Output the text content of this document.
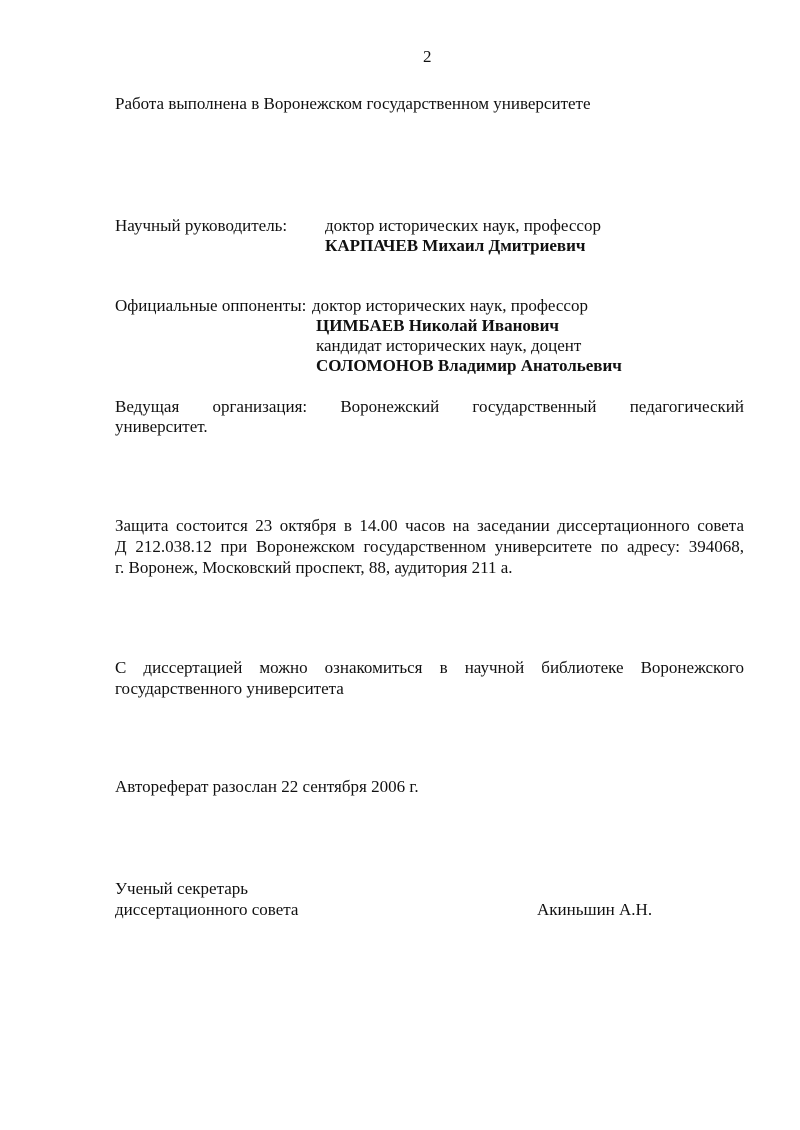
2
Работа выполнена в Воронежском государственном университете
Научный руководитель: доктор исторических наук, профессор
КАРПАЧЕВ Михаил Дмитриевич
Официальные оппоненты: доктор исторических наук, профессор
ЦИМБАЕВ Николай Иванович
кандидат исторических наук, доцент
СОЛОМОНОВ Владимир Анатольевич
Ведущая организация: Воронежский государственный педагогический
университет.
Защита состоится 23 октября в 14.00 часов на заседании диссертационного совета
Д 212.038.12 при Воронежском государственном университете по адресу: 394068,
г. Воронеж, Московский проспект, 88, аудитория 211 а.
С диссертацией можно ознакомиться в научной библиотеке Воронежского
государственного университета
Автореферат разослан 22 сентября 2006 г.
Ученый секретарь
диссертационного совета	Акиньшин А.Н.
